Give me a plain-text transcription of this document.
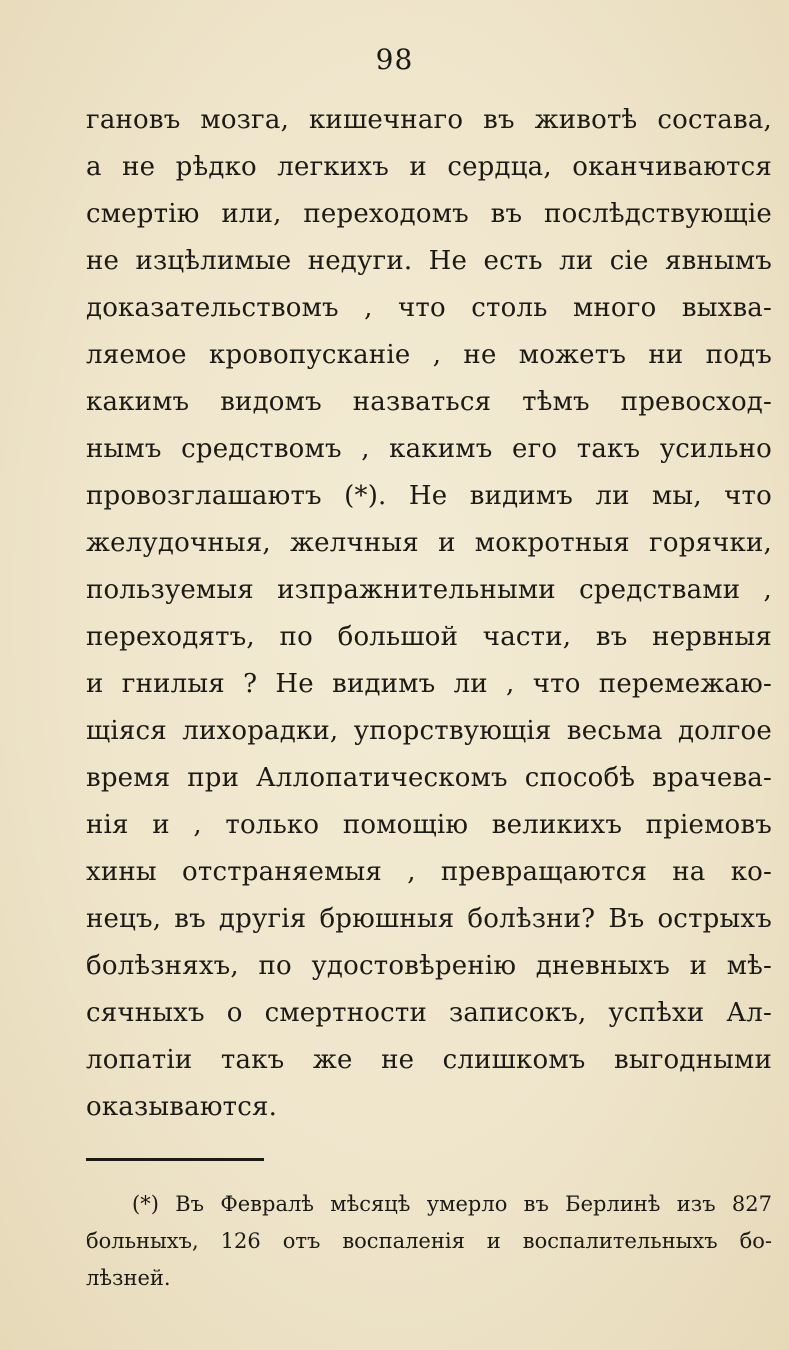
98
гановъ мозга, кишечнаго въ животѣ состава,
а не рѣдко легкихъ и сердца, оканчиваются
смертію или, переходомъ въ послѣдствующіе
не изцѣлимые недуги. Не есть ли сіе явнымъ
доказательствомъ , что столь много выхва-
ляемое кровопусканіе , не можетъ ни подъ
какимъ видомъ назваться тѣмъ превосход-
нымъ средствомъ , какимъ его такъ усильно
провозглашаютъ (*). Не видимъ ли мы, что
желудочныя, желчныя и мокротныя горячки,
пользуемыя изпражнительными средствами ,
переходятъ, по большой части, въ нервныя
и гнилыя ? Не видимъ ли , что перемежаю-
щіяся лихорадки, упорствующія весьма долгое
время при Аллопатическомъ способѣ врачева-
нія и , только помощію великихъ пріемовъ
хины отстраняемыя , превращаются на ко-
нецъ, въ другія брюшныя болѣзни? Въ острыхъ
болѣзняхъ, по удостовѣренію дневныхъ и мѣ-
сячныхъ о смертности записокъ, успѣхи Ал-
лопатіи такъ же не слишкомъ выгодными
оказываются.
(*) Въ Февралѣ мѣсяцѣ умерло въ Берлинѣ изъ 827
больныхъ, 126 отъ воспаленія и воспалительныхъ бо-
лѣзней.
